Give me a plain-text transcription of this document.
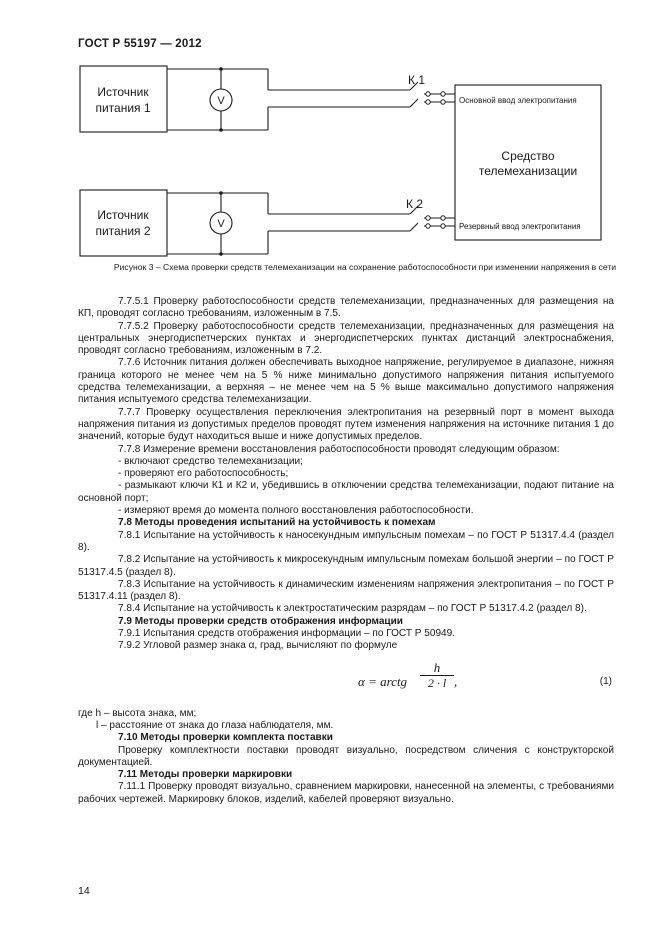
ГОСТ Р 55197 — 2012
Источник
питания 1
Источник
питания 2
V
V
К 1
К 2
Средство
телемеханизации
Основной ввод электропитания
Резервный ввод электропитания
Рисунок 3 – Схема проверки средств телемеханизации на сохранение работоспособности при изменении напряжения в сети

7.7.5.1 Проверку работоспособности средств телемеханизации, предназначенных для размещения на КП, проводят согласно требованиям, изложенным в 7.5.

7.7.5.2 Проверку работоспособности средств телемеханизации, предназначенных для размещения на центральных энергодиспетчерских пунктах и энергодиспетчерских пунктах дистанций электроснабжения, проводят согласно требованиям, изложенным в 7.2.

7.7.6 Источник питания должен обеспечивать выходное напряжение, регулируемое в диапазоне, нижняя граница которого не менее чем на 5 % ниже минимально допустимого напряжения питания испытуемого средства телемеханизации, а верхняя – не менее чем на 5 % выше максимально допустимого напряжения питания испытуемого средства телемеханизации.

7.7.7 Проверку осуществления переключения электропитания на резервный порт в момент выхода напряжения питания из допустимых пределов проводят путем изменения напряжения на источнике питания 1 до значений, которые будут находиться выше и ниже допустимых пределов.

7.7.8 Измерение времени восстановления работоспособности проводят следующим образом:

- включают средство телемеханизации;

- проверяют его работоспособность;

- размыкают ключи К1 и К2 и, убедившись в отключении средства телемеханизации, подают питание на основной порт;

- измеряют время до момента полного восстановления работоспособности.

7.8 Методы проведения испытаний на устойчивость к помехам

7.8.1 Испытание на устойчивость к наносекундным импульсным помехам – по ГОСТ Р 51317.4.4 (раздел 8).

7.8.2 Испытание на устойчивость к микросекундным импульсным помехам большой энергии – по ГОСТ Р 51317.4.5 (раздел 8).

7.8.3 Испытание на устойчивость к динамическим изменениям напряжения электропитания – по ГОСТ Р 51317.4.11 (раздел 8).

7.8.4 Испытание на устойчивость к электростатическим разрядам – по ГОСТ Р 51317.4.2 (раздел 8).

7.9 Методы проверки средств отображения информации

7.9.1 Испытания средств отображения информации – по ГОСТ Р 50949.

7.9.2 Угловой размер знака α, град, вычисляют по формуле

α = arctg
h
2 · l ,	(1)

где h – высота знака, мм;

l – расстояние от знака до глаза наблюдателя, мм.

7.10 Методы проверки комплекта поставки

Проверку комплектности поставки проводят визуально, посредством сличения с конструкторской документацией.

7.11 Методы проверки маркировки

7.11.1 Проверку проводят визуально, сравнением маркировки, нанесенной на элементы, с требованиями рабочих чертежей. Маркировку блоков, изделий, кабелей проверяют визуально.

14
